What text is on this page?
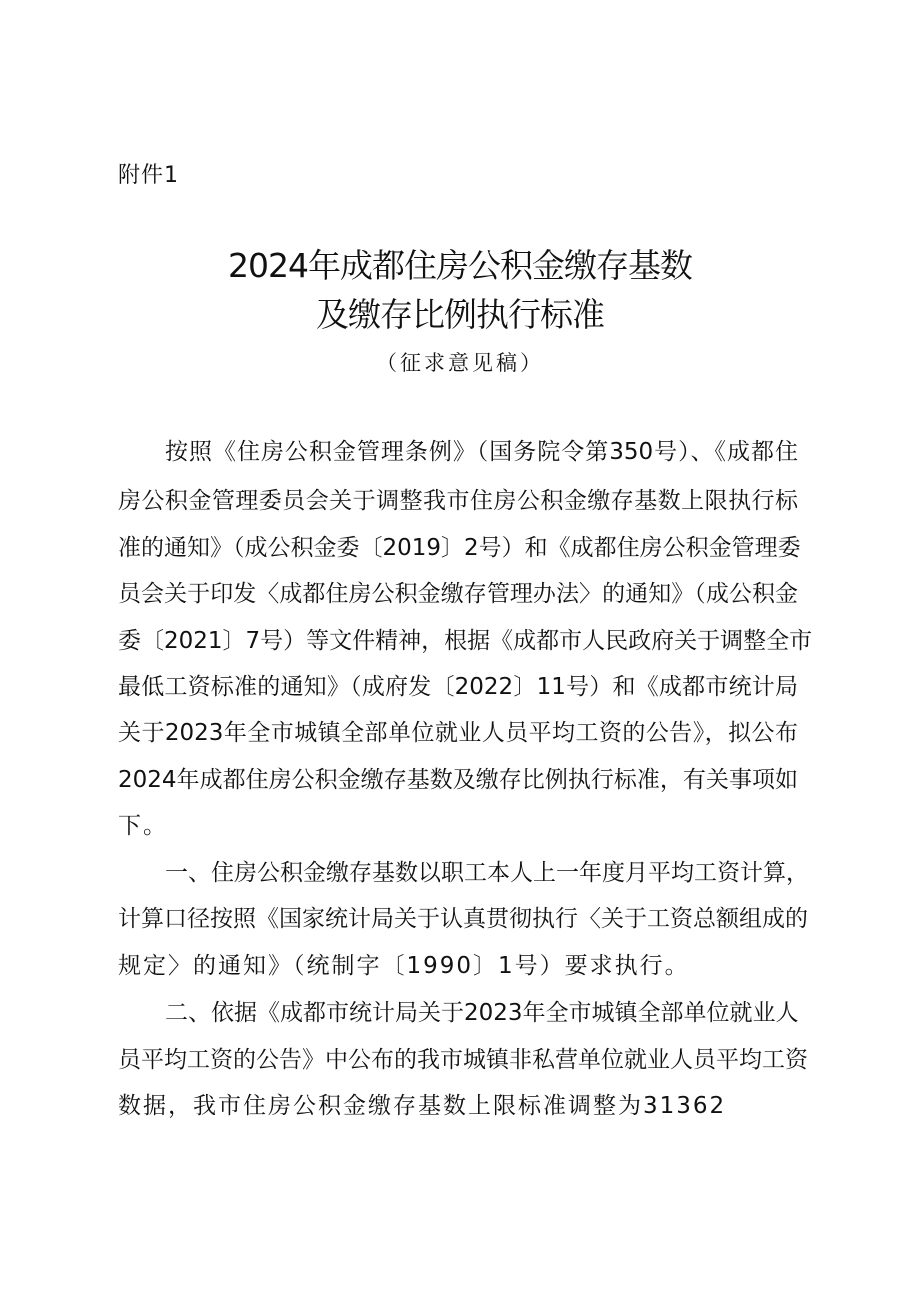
附件1

2024年成都住房公积金缴存基数
及缴存比例执行标准

（征求意见稿）

按照《住房公积金管理条例》（国务院令第350号）、《成都住

房公积金管理委员会关于调整我市住房公积金缴存基数上限执行标

准的通知》（成公积金委〔2019〕2号）和《成都住房公积金管理委

员会关于印发〈成都住房公积金缴存管理办法〉的通知》（成公积金

委〔2021〕7号）等文件精神，根据《成都市人民政府关于调整全市

最低工资标准的通知》（成府发〔2022〕11号）和《成都市统计局

关于2023年全市城镇全部单位就业人员平均工资的公告》，拟公布

2024年成都住房公积金缴存基数及缴存比例执行标准，有关事项如

下。

一、住房公积金缴存基数以职工本人上一年度月平均工资计算，

计算口径按照《国家统计局关于认真贯彻执行〈关于工资总额组成的

规定〉的通知》（统制字〔1990〕1号）要求执行。

二、依据《成都市统计局关于2023年全市城镇全部单位就业人

员平均工资的公告》中公布的我市城镇非私营单位就业人员平均工资

数据，我市住房公积金缴存基数上限标准调整为31362
